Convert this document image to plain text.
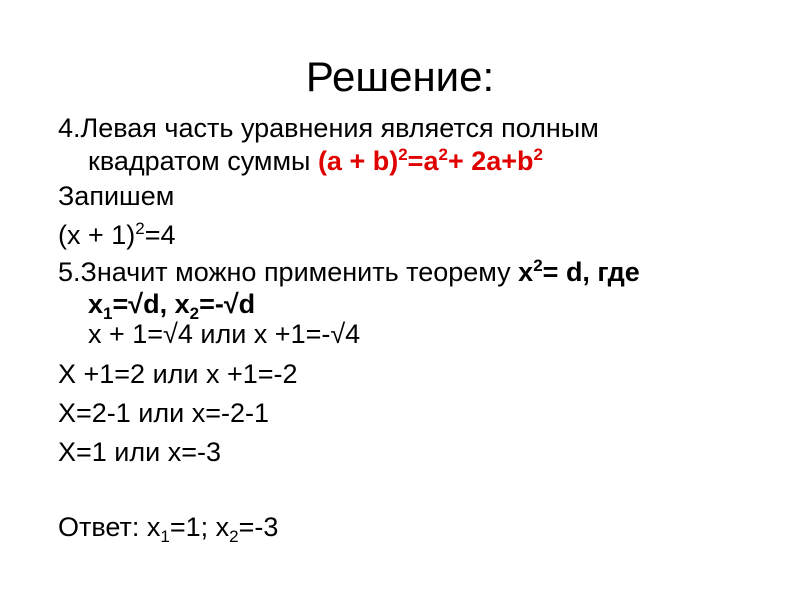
Решение:
4.Левая часть уравнения является полным
квадратом суммы $(a + b)^2=a^2+ 2a+b^2$
Запишем
$(x + 1)^2=4$
5.Значит можно применить теорему $x^2= d$, где
$x_1=√d$, $x_2=-√d$
x + 1=√4 или x +1=-√4
X +1=2 или x +1=-2
X=2-1 или x=-2-1
X=1 или x=-3
Ответ: $x_1=1$; $x_2=-3$
